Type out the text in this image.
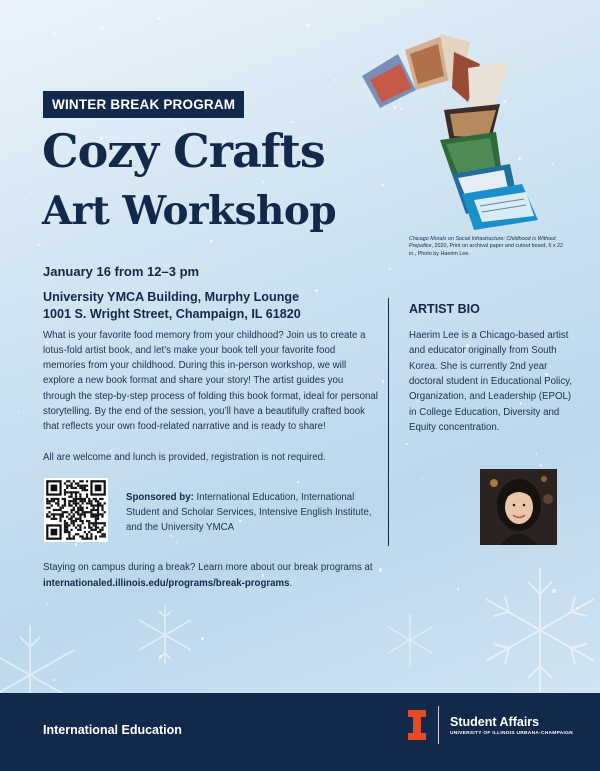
WINTER BREAK PROGRAM
Cozy Crafts
Art Workshop
Chicago Morals on Social Infrastructure: Childhood is Without Prejudice, 2020, Print on archival paper and cutout board, 6 x 22 in., Photo by Haerim Lee.
January 16 from 12–3 pm
University YMCA Building, Murphy Lounge
1001 S. Wright Street, Champaign, IL 61820
What is your favorite food memory from your childhood? Join us to create a lotus-fold artist book, and let’s make your book tell your favorite food memories from your childhood. During this in-person workshop, we will explore a new book format and share your story! The artist guides you through the step-by-step process of folding this book format, ideal for personal storytelling. By the end of the session, you’ll have a beautifully crafted book that reflects your own food-related narrative and is ready to share!
All are welcome and lunch is provided, registration is not required.
Sponsored by: International Education, International Student and Scholar Services, Intensive English Institute, and the University YMCA
Staying on campus during a break? Learn more about our break programs at internationaled.illinois.edu/programs/break-programs.
ARTIST BIO
Haerim Lee is a Chicago-based artist and educator originally from South Korea. She is currently 2nd year doctoral student in Educational Policy, Organization, and Leadership (EPOL) in College Education, Diversity and Equity concentration.
International Education
Student Affairs
UNIVERSITY OF ILLINOIS URBANA-CHAMPAIGN
